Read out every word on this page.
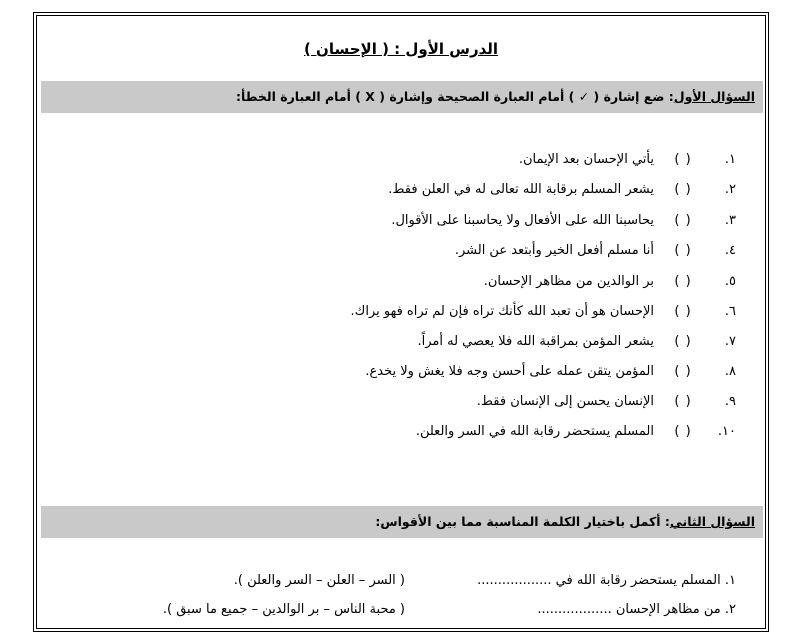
الدرس الأول : ( الإحسان )
السؤال الأول: ضع إشارة ( ✓ ) أمام العبارة الصحيحة وإشارة ( X ) أمام العبارة الخطأ:
١.( )يأتي الإحسان بعد الإيمان.
٢.( )يشعر المسلم برقابة الله تعالى له في العلن فقط.
٣.( )يحاسبنا الله على الأفعال ولا يحاسبنا على الأقوال.
٤.( )أنا مسلم أفعل الخير وأبتعد عن الشر.
٥.( )بر الوالدين من مظاهر الإحسان.
٦.( )الإحسان هو أن تعبد الله كأنك تراه فإن لم تراه فهو يراك.
٧.( )يشعر المؤمن بمراقبة الله فلا يعصي له أمراً.
٨.( )المؤمن يتقن عمله على أحسن وجه فلا يغش ولا يخدع.
٩.( )الإنسان يحسن إلى الإنسان فقط.
١٠.( )المسلم يستحضر رقابة الله في السر والعلن.
السؤال الثاني: أكمل باختيار الكلمة المناسبة مما بين الأقواس:
١. المسلم يستحضر رقابة الله في ..................
( السر – العلن – السر والعلن ).
٢. من مظاهر الإحسان ..................
( محبة الناس – بر الوالدين – جميع ما سبق ).
